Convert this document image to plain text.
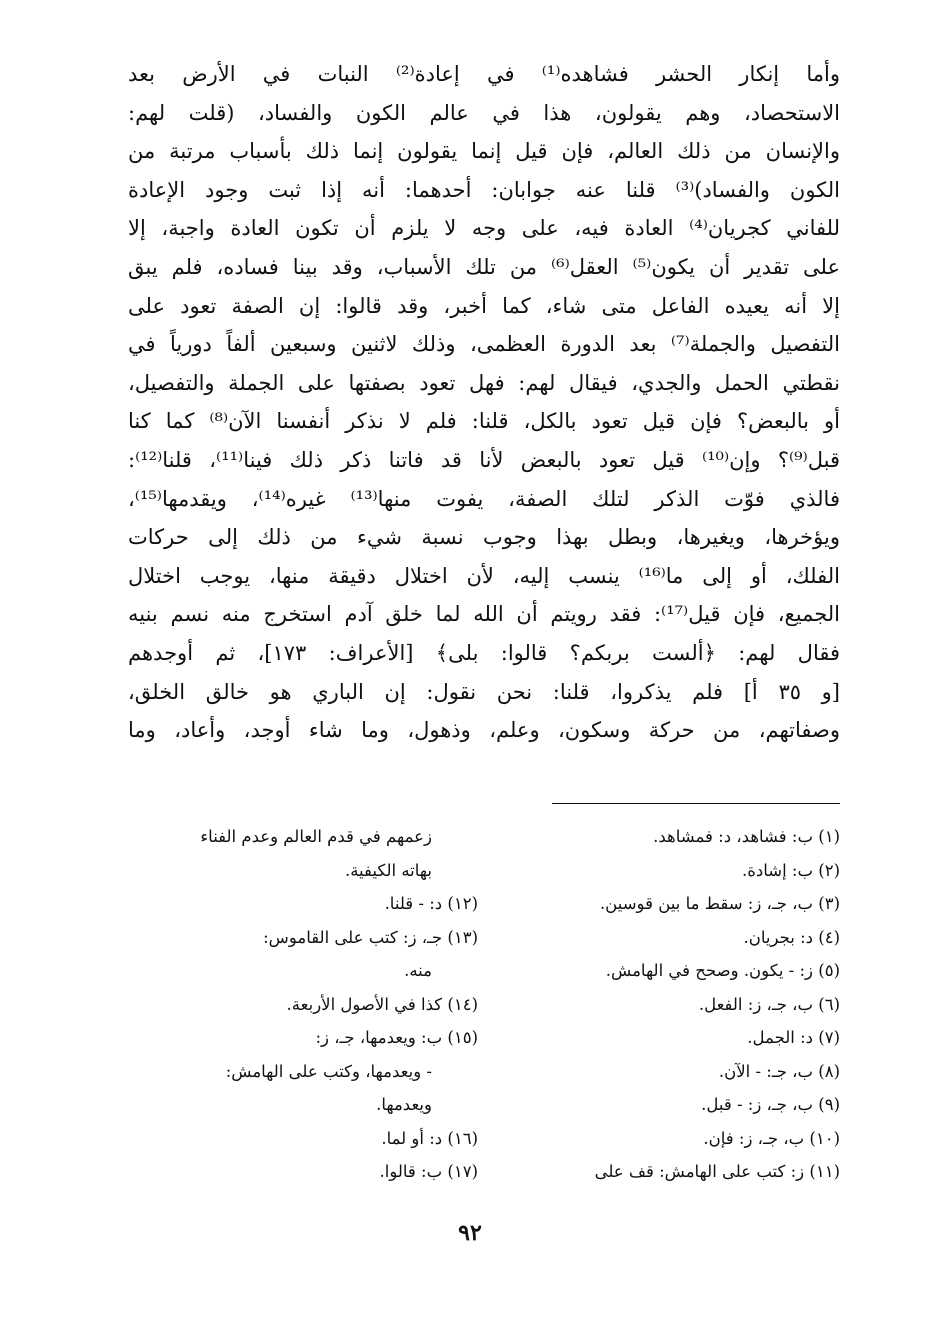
وأما إنكار الحشر فشاهده⁽¹⁾ في إعادة⁽²⁾ النبات في الأرض بعد
الاستحصاد، وهم يقولون، هذا في عالم الكون والفساد، (قلت لهم:
والإنسان من ذلك العالم، فإن قيل إنما يقولون إنما ذلك بأسباب مرتبة من
الكون والفساد)⁽³⁾ قلنا عنه جوابان: أحدهما: أنه إذا ثبت وجود الإعادة
للفاني كجريان⁽⁴⁾ العادة فيه، على وجه لا يلزم أن تكون العادة واجبة، إلا
على تقدير أن يكون⁽⁵⁾ العقل⁽⁶⁾ من تلك الأسباب، وقد بينا فساده، فلم يبق
إلا أنه يعيده الفاعل متى شاء، كما أخبر، وقد قالوا: إن الصفة تعود على
التفصيل والجملة⁽⁷⁾ بعد الدورة العظمى، وذلك لاثنين وسبعين ألفاً دورياً في
نقطتي الحمل والجدي، فيقال لهم: فهل تعود بصفتها على الجملة والتفصيل،
أو بالبعض؟ فإن قيل تعود بالكل، قلنا: فلم لا نذكر أنفسنا الآن⁽⁸⁾ كما كنا
قبل⁽⁹⁾؟ وإن⁽¹⁰⁾ قيل تعود بالبعض لأنا قد فاتنا ذكر ذلك فينا⁽¹¹⁾، قلنا⁽¹²⁾:
فالذي فوّت الذكر لتلك الصفة، يفوت منها⁽¹³⁾ غيره⁽¹⁴⁾، ويقدمها⁽¹⁵⁾،
ويؤخرها، ويغيرها، وبطل بهذا وجوب نسبة شيء من ذلك إلى حركات
الفلك، أو إلى ما⁽¹⁶⁾ ينسب إليه، لأن اختلال دقيقة منها، يوجب اختلال
الجميع، فإن قيل⁽¹⁷⁾: فقد رويتم أن الله لما خلق آدم استخرج منه نسم بنيه
فقال لهم: ﴿ألست بربكم؟ قالوا: بلى﴾ [الأعراف: ١٧٣]، ثم أوجدهم
[و ٣٥ أ] فلم يذكروا، قلنا: نحن نقول: إن الباري هو خالق الخلق،
وصفاتهم، من حركة وسكون، وعلم، وذهول، وما شاء أوجد، وأعاد، وما
(١) ب: فشاهد، د: فمشاهد.
(٢) ب: إشادة.
(٣) ب، جـ، ز: سقط ما بين قوسين.
(٤) د: بجريان.
(٥) ز: - يكون. وصحح في الهامش.
(٦) ب، جـ، ز: الفعل.
(٧) د: الجمل.
(٨) ب، جـ: - الآن.
(٩) ب، جـ، ز: - قبل.
(١٠) ب، جـ، ز: فإن.
(١١) ز: كتب على الهامش: قف على
زعمهم في قدم العالم وعدم الفناء
بهاته الكيفية.
(١٢) د: - قلنا.
(١٣) جـ، ز: كتب على القاموس:
منه.
(١٤) كذا في الأصول الأربعة.
(١٥) ب: ويعدمها، جـ، ز:
- ويعدمها، وكتب على الهامش:
ويعدمها.
(١٦) د: أو لما.
(١٧) ب: قالوا.
٩٢
